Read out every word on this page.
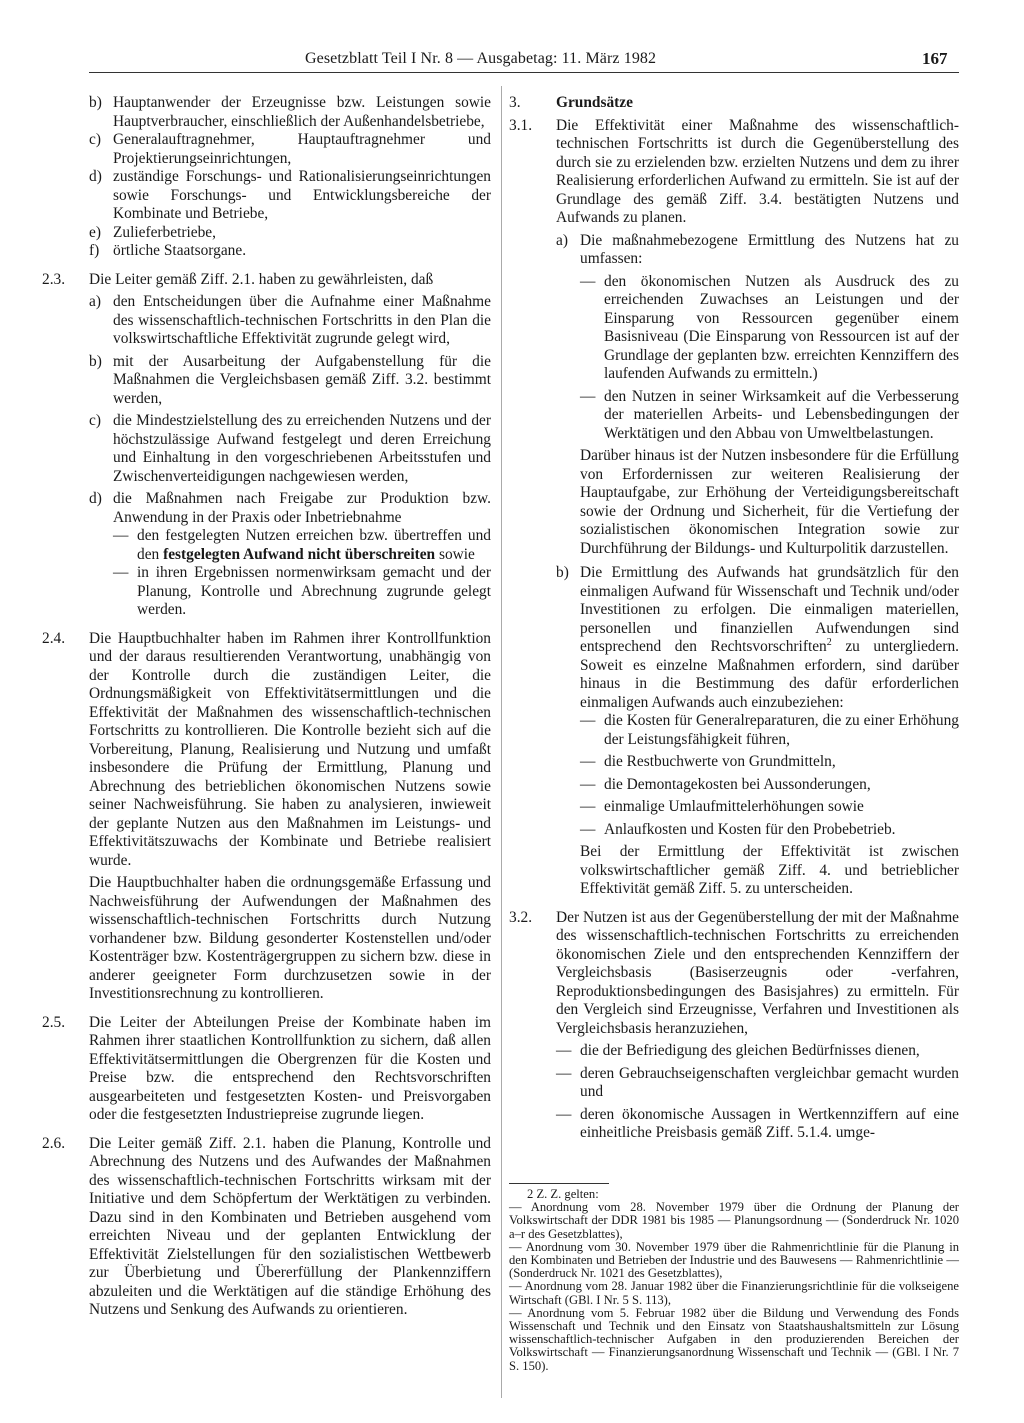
Gesetzblatt Teil I Nr. 8 — Ausgabetag: 11. März 1982	167
b) Hauptanwender der Erzeugnisse bzw. Leistungen sowie Hauptverbraucher, einschließlich der Außenhandelsbetriebe,

c) Generalauftragnehmer, Hauptauftragnehmer und Projektierungseinrichtungen,

d) zuständige Forschungs- und Rationalisierungseinrichtungen sowie Forschungs- und Entwicklungsbereiche der Kombinate und Betriebe,

e) Zulieferbetriebe,

f) örtliche Staatsorgane.

2.3.	Die Leiter gemäß Ziff. 2.1. haben zu gewährleisten, daß

a) den Entscheidungen über die Aufnahme einer Maßnahme des wissenschaftlich-technischen Fortschritts in den Plan die volkswirtschaftliche Effektivität zugrunde gelegt wird,

b) mit der Ausarbeitung der Aufgabenstellung für die Maßnahmen die Vergleichsbasen gemäß Ziff. 3.2. bestimmt werden,

c) die Mindestzielstellung des zu erreichenden Nutzens und der höchstzulässige Aufwand festgelegt und deren Erreichung und Einhaltung in den vorgeschriebenen Arbeitsstufen und Zwischenverteidigungen nachgewiesen werden,

d) die Maßnahmen nach Freigabe zur Produktion bzw. Anwendung in der Praxis oder Inbetriebnahme

— den festgelegten Nutzen erreichen bzw. übertreffen und den festgelegten Aufwand nicht überschreiten sowie

— in ihren Ergebnissen normenwirksam gemacht und der Planung, Kontrolle und Abrechnung zugrunde gelegt werden.

2.4.	Die Hauptbuchhalter haben im Rahmen ihrer Kontrollfunktion und der daraus resultierenden Verantwortung, unabhängig von der Kontrolle durch die zuständigen Leiter, die Ordnungsmäßigkeit von Effektivitätsermittlungen und die Effektivität der Maßnahmen des wissenschaftlich-technischen Fortschritts zu kontrollieren. Die Kontrolle bezieht sich auf die Vorbereitung, Planung, Realisierung und Nutzung und umfaßt insbesondere die Prüfung der Ermittlung, Planung und Abrechnung des betrieblichen ökonomischen Nutzens sowie seiner Nachweisführung. Sie haben zu analysieren, inwieweit der geplante Nutzen aus den Maßnahmen im Leistungs- und Effektivitätszuwachs der Kombinate und Betriebe realisiert wurde.

Die Hauptbuchhalter haben die ordnungsgemäße Erfassung und Nachweisführung der Aufwendungen der Maßnahmen des wissenschaftlich-technischen Fortschritts durch Nutzung vorhandener bzw. Bildung gesonderter Kostenstellen und/oder Kostenträger bzw. Kostenträgergruppen zu sichern bzw. diese in anderer geeigneter Form durchzusetzen sowie in der Investitionsrechnung zu kontrollieren.

2.5.	Die Leiter der Abteilungen Preise der Kombinate haben im Rahmen ihrer staatlichen Kontrollfunktion zu sichern, daß allen Effektivitätsermittlungen die Obergrenzen für die Kosten und Preise bzw. die entsprechend den Rechtsvorschriften ausgearbeiteten und festgesetzten Kosten- und Preisvorgaben oder die festgesetzten Industriepreise zugrunde liegen.

2.6.	Die Leiter gemäß Ziff. 2.1. haben die Planung, Kontrolle und Abrechnung des Nutzens und des Aufwandes der Maßnahmen des wissenschaftlich-technischen Fortschritts wirksam mit der Initiative und dem Schöpfertum der Werktätigen zu verbinden. Dazu sind in den Kombinaten und Betrieben ausgehend vom erreichten Niveau und der geplanten Entwicklung der Effektivität Zielstellungen für den sozialistischen Wettbewerb zur Überbietung und Übererfüllung der Plankennziffern abzuleiten und die Werktätigen auf die ständige Erhöhung des Nutzens und Senkung des Aufwands zu orientieren.

3.	Grundsätze

3.1.	Die Effektivität einer Maßnahme des wissenschaftlich-technischen Fortschritts ist durch die Gegenüberstellung des durch sie zu erzielenden bzw. erzielten Nutzens und dem zu ihrer Realisierung erforderlichen Aufwand zu ermitteln. Sie ist auf der Grundlage des gemäß Ziff. 3.4. bestätigten Nutzens und Aufwands zu planen.

a) Die maßnahmebezogene Ermittlung des Nutzens hat zu umfassen:

— den ökonomischen Nutzen als Ausdruck des zu erreichenden Zuwachses an Leistungen und der Einsparung von Ressourcen gegenüber einem Basisniveau (Die Einsparung von Ressourcen ist auf der Grundlage der geplanten bzw. erreichten Kennziffern des laufenden Aufwands zu ermitteln.)

— den Nutzen in seiner Wirksamkeit auf die Verbesserung der materiellen Arbeits- und Lebensbedingungen der Werktätigen und den Abbau von Umweltbelastungen.

Darüber hinaus ist der Nutzen insbesondere für die Erfüllung von Erfordernissen zur weiteren Realisierung der Hauptaufgabe, zur Erhöhung der Verteidigungsbereitschaft sowie der Ordnung und Sicherheit, für die Vertiefung der sozialistischen ökonomischen Integration sowie zur Durchführung der Bildungs- und Kulturpolitik darzustellen.

b) Die Ermittlung des Aufwands hat grundsätzlich für den einmaligen Aufwand für Wissenschaft und Technik und/oder Investitionen zu erfolgen. Die einmaligen materiellen, personellen und finanziellen Aufwendungen sind entsprechend den Rechtsvorschriften$^2$ zu untergliedern. Soweit es einzelne Maßnahmen erfordern, sind darüber hinaus in die Bestimmung des dafür erforderlichen einmaligen Aufwands auch einzubeziehen:

— die Kosten für Generalreparaturen, die zu einer Erhöhung der Leistungsfähigkeit führen,

— die Restbuchwerte von Grundmitteln,

— die Demontagekosten bei Aussonderungen,

— einmalige Umlaufmittelerhöhungen sowie

— Anlaufkosten und Kosten für den Probebetrieb.

Bei der Ermittlung der Effektivität ist zwischen volkswirtschaftlicher gemäß Ziff. 4. und betrieblicher Effektivität gemäß Ziff. 5. zu unterscheiden.

3.2.	Der Nutzen ist aus der Gegenüberstellung der mit der Maßnahme des wissenschaftlich-technischen Fortschritts zu erreichenden ökonomischen Ziele und den entsprechenden Kennziffern der Vergleichsbasis (Basiserzeugnis oder -verfahren, Reproduktionsbedingungen des Basisjahres) zu ermitteln. Für den Vergleich sind Erzeugnisse, Verfahren und Investitionen als Vergleichsbasis heranzuziehen,

— die der Befriedigung des gleichen Bedürfnisses dienen,

— deren Gebrauchseigenschaften vergleichbar gemacht wurden und

— deren ökonomische Aussagen in Wertkennziffern auf eine einheitliche Preisbasis gemäß Ziff. 5.1.4. umge-

2 Z. Z. gelten:

— Anordnung vom 28. November 1979 über die Ordnung der Planung der Volkswirtschaft der DDR 1981 bis 1985 — Planungsordnung — (Sonderdruck Nr. 1020 a–r des Gesetzblattes),

— Anordnung vom 30. November 1979 über die Rahmenrichtlinie für die Planung in den Kombinaten und Betrieben der Industrie und des Bauwesens — Rahmenrichtlinie — (Sonderdruck Nr. 1021 des Gesetzblattes),

— Anordnung vom 28. Januar 1982 über die Finanzierungsrichtlinie für die volkseigene Wirtschaft (GBl. I Nr. 5 S. 113),

— Anordnung vom 5. Februar 1982 über die Bildung und Verwendung des Fonds Wissenschaft und Technik und den Einsatz von Staatshaushaltsmitteln zur Lösung wissenschaftlich-technischer Aufgaben in den produzierenden Bereichen der Volkswirtschaft — Finanzierungsanordnung Wissenschaft und Technik — (GBl. I Nr. 7 S. 150).
